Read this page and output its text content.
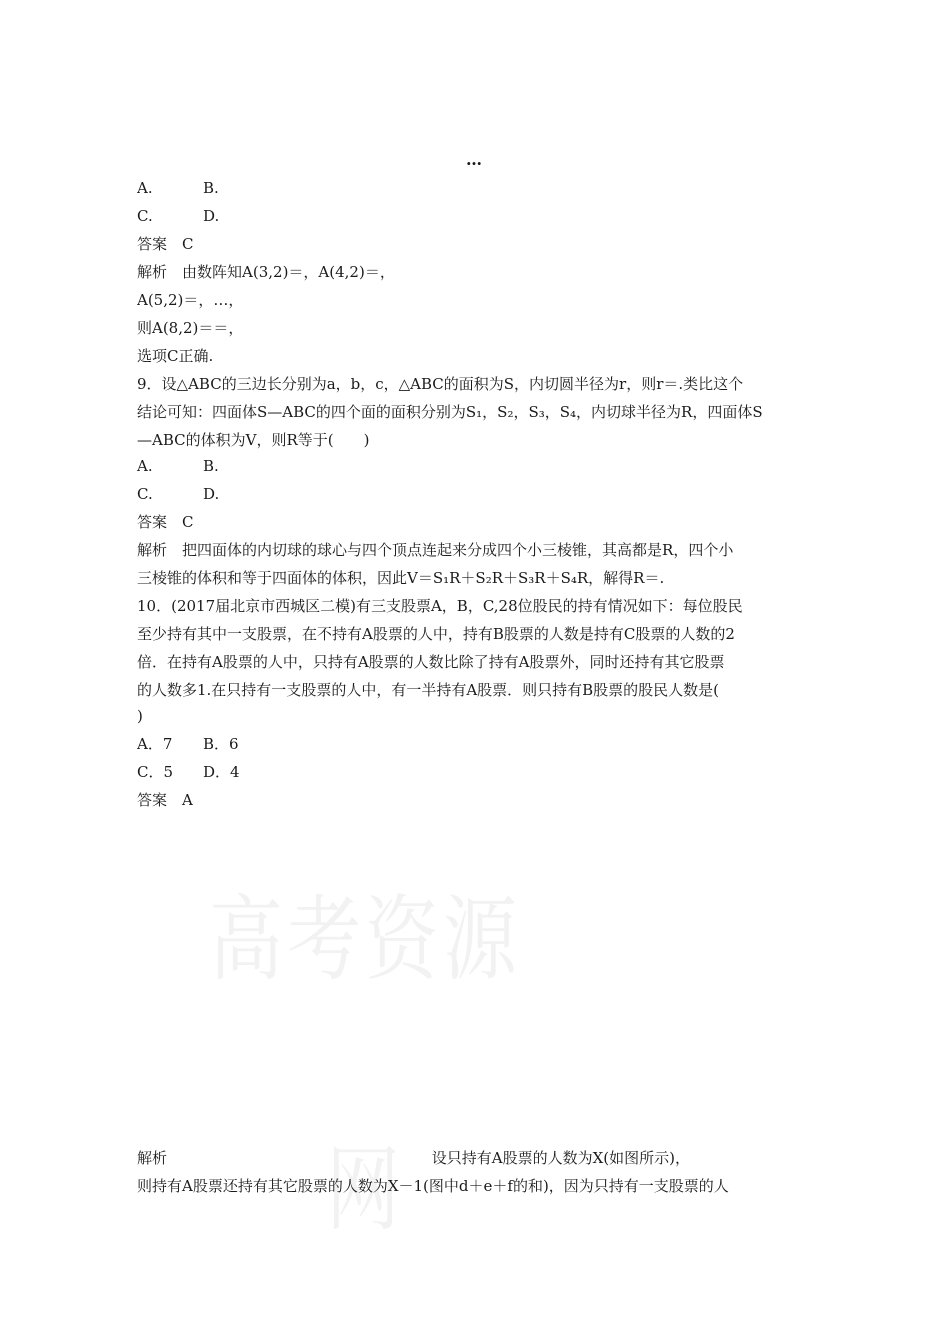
…
A.	B.
C.	D.
答案　 C
解析　 由数阵知A(3,2)＝，A(4,2)＝，
A(5,2)＝，…，
则A(8,2)＝＝，
选项C正确.
9．设△ABC的三边长分别为a，b，c，△ABC的面积为S，内切圆半径为r，则r＝.类比这个
结论可知：四面体S—ABC的四个面的面积分别为S₁，S₂，S₃，S₄，内切球半径为R，四面体S
—ABC的体积为V，则R等于(　　)
A.	B.
C.	D.
答案　 C
解析　 把四面体的内切球的球心与四个顶点连起来分成四个小三棱锥，其高都是R，四个小
三棱锥的体积和等于四面体的体积，因此V＝S₁R＋S₂R＋S₃R＋S₄R，解得R＝.
10．(2017届北京市西城区二模)有三支股票A，B，C,28位股民的持有情况如下：每位股民
至少持有其中一支股票，在不持有A股票的人中，持有B股票的人数是持有C股票的人数的2
倍．在持有A股票的人中，只持有A股票的人数比除了持有A股票外，同时还持有其它股票
的人数多1.在只持有一支股票的人中，有一半持有A股票．则只持有B股票的股民人数是(
)
A．7 B．6
C．5 D．4
答案　 A
高考资源网
解析	设只持有A股票的人数为X(如图所示)，
则持有A股票还持有其它股票的人数为X－1(图中d＋e＋f的和)，因为只持有一支股票的人
